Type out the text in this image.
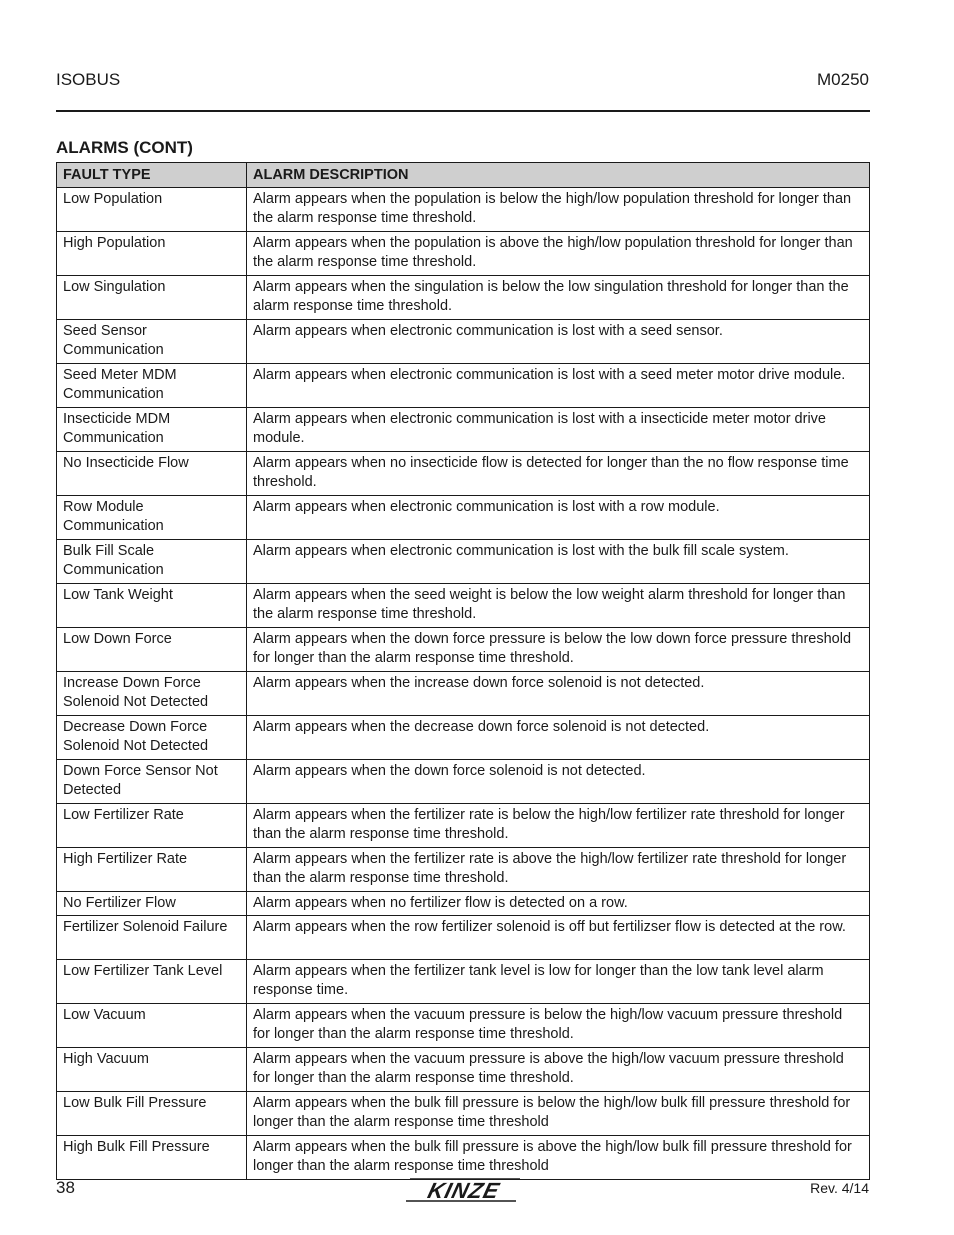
ISOBUS	M0250
ALARMS (CONT)
FAULT TYPE	ALARM DESCRIPTION
Low Population	Alarm appears when the population is below the high/low population threshold for longer than the alarm response time threshold.
High Population	Alarm appears when the population is above the high/low population threshold for longer than the alarm response time threshold.
Low Singulation	Alarm appears when the singulation is below the low singulation threshold for longer than the alarm response time threshold.
Seed Sensor Communication	Alarm appears when electronic communication is lost with a seed sensor.
Seed Meter MDM Communication	Alarm appears when electronic communication is lost with a seed meter motor drive module.
Insecticide MDM Communication	Alarm appears when electronic communication is lost with a insecticide meter motor drive module.
No Insecticide Flow	Alarm appears when no insecticide flow is detected for longer than the no flow response time threshold.
Row Module Communication	Alarm appears when electronic communication is lost with a row module.
Bulk Fill Scale Communication	Alarm appears when electronic communication is lost with the bulk fill scale system.
Low Tank Weight	Alarm appears when the seed weight is below the low weight alarm threshold for longer than the alarm response time threshold.
Low Down Force	Alarm appears when the down force pressure is below the low down force pressure threshold for longer than the alarm response time threshold.
Increase Down Force Solenoid Not Detected	Alarm appears when the increase down force solenoid is not detected.
Decrease Down Force Solenoid Not Detected	Alarm appears when the decrease down force solenoid is not detected.
Down Force Sensor Not Detected	Alarm appears when the down force solenoid is not detected.
Low Fertilizer Rate	Alarm appears when the fertilizer rate is below the high/low fertilizer rate threshold for longer than the alarm response time threshold.
High Fertilizer Rate	Alarm appears when the fertilizer rate is above the high/low fertilizer rate threshold for longer than the alarm response time threshold.
No Fertilizer Flow	Alarm appears when no fertilizer flow is detected on a row.
Fertilizer Solenoid Failure	Alarm appears when the row fertilizer solenoid is off but fertilizser flow is detected at the row.
Low Fertilizer Tank Level	Alarm appears when the fertilizer tank level is low for longer than the low tank level alarm response time.
Low Vacuum	Alarm appears when the vacuum pressure is below the high/low vacuum pressure threshold for longer than the alarm response time threshold.
High Vacuum	Alarm appears when the vacuum pressure is above the high/low vacuum pressure threshold for longer than the alarm response time threshold.
Low Bulk Fill Pressure	Alarm appears when the bulk fill pressure is below the high/low bulk fill pressure threshold for longer than the alarm response time threshold
High Bulk Fill Pressure	Alarm appears when the bulk fill pressure is above the high/low bulk fill pressure threshold for longer than the alarm response time threshold
38	KINZE	Rev. 4/14
